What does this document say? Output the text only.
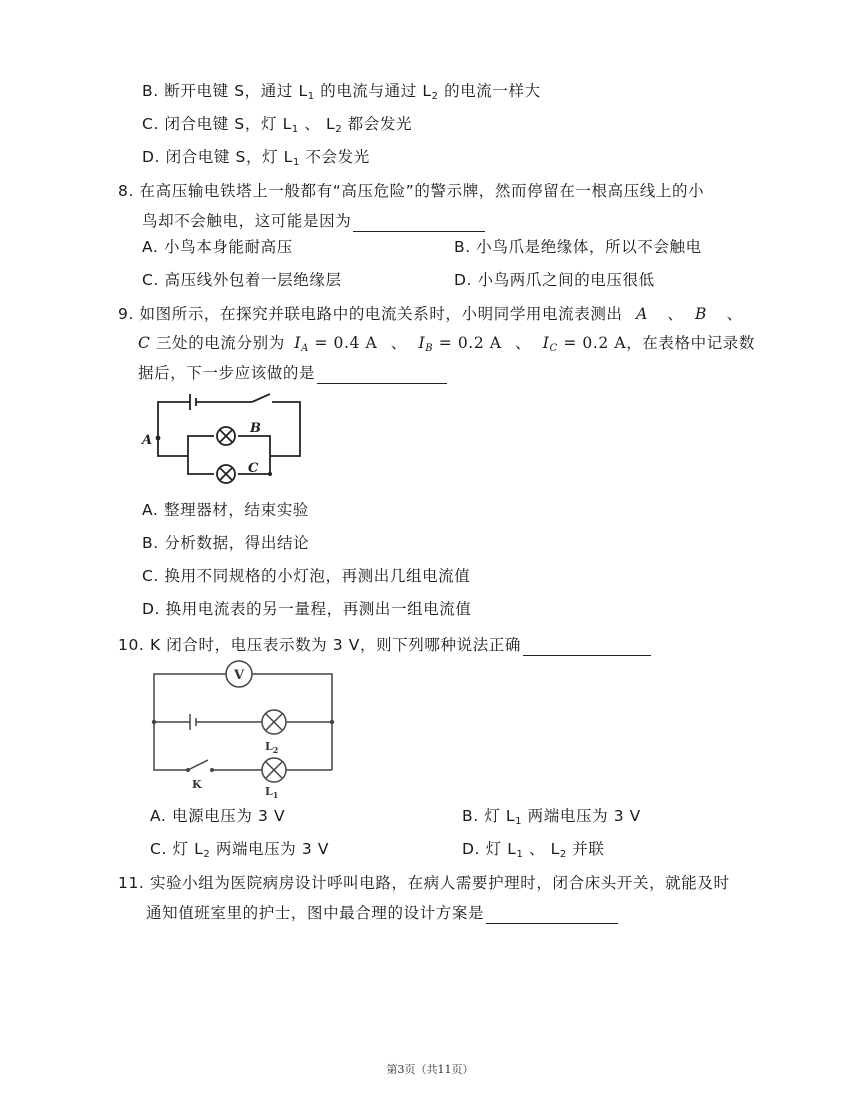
B. 断开电键 S，通过 $L_1$ 的电流与通过 $L_2$ 的电流一样大
C. 闭合电键 S，灯 $L_1$ 、 $L_2$ 都会发光
D. 闭合电键 S，灯 $L_1$ 不会发光
8. 在高压输电铁塔上一般都有“高压危险”的警示牌，然而停留在一根高压线上的小
鸟却不会触电，这可能是因为
A. 小鸟本身能耐高压	B. 小鸟爪是绝缘体，所以不会触电
C. 高压线外包着一层绝缘层	D. 小鸟两爪之间的电压很低
9. 如图所示，在探究并联电路中的电流关系时，小明同学用电流表测出 A 、 B 、
C 三处的电流分别为 $I_A = 0.4$ A 、 $I_B = 0.2$ A 、 $I_C = 0.2$ A，在表格中记录数
据后，下一步应该做的是
A
B
C
A. 整理器材，结束实验
B. 分析数据，得出结论
C. 换用不同规格的小灯泡，再测出几组电流值
D. 换用电流表的另一量程，再测出一组电流值
10. K 闭合时，电压表示数为 3 V，则下列哪种说法正确
V
$L_2$
K
$L_1$
A. 电源电压为 3 V	B. 灯 $L_1$ 两端电压为 3 V
C. 灯 $L_2$ 两端电压为 3 V	D. 灯 $L_1$ 、 $L_2$ 并联
11. 实验小组为医院病房设计呼叫电路，在病人需要护理时，闭合床头开关，就能及时
通知值班室里的护士，图中最合理的设计方案是
第3页（共11页）
